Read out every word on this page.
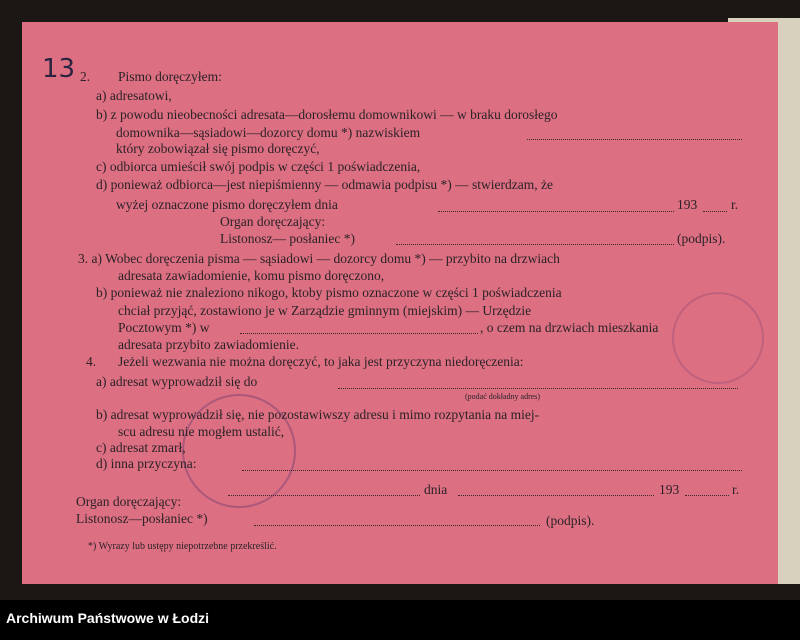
13 2. Pismo doręczyłem:
a) adresatowi,
b) z powodu nieobecności adresata—dorosłemu domownikowi — w braku dorosłego
domownika—sąsiadowi—dozorcy domu *) nazwiskiem
który zobowiązał się pismo doręczyć,
c) odbiorca umieścił swój podpis w części 1 poświadczenia,
d) ponieważ odbiorca—jest niepiśmienny — odmawia podpisu *) — stwierdzam, że
wyżej oznaczone pismo doręczyłem dnia	193	r.
Organ doręczający:
Listonosz— posłaniec *)	(podpis).
3. a) Wobec doręczenia pisma — sąsiadowi — dozorcy domu *) — przybito na drzwiach
adresata zawiadomienie, komu pismo doręczono,
b) ponieważ nie znaleziono nikogo, ktoby pismo oznaczone w części 1 poświadczenia
chciał przyjąć, zostawiono je w Zarządzie gminnym (miejskim) — Urzędzie
Pocztowym *) w	, o czem na drzwiach mieszkania
adresata przybito zawiadomienie.
4. Jeżeli wezwania nie można doręczyć, to jaka jest przyczyna niedoręczenia:
a) adresat wyprowadził się do
(podać dokładny adres)
b) adresat wyprowadził się, nie pozostawiwszy adresu i mimo rozpytania na miej-
scu adresu nie mogłem ustalić,
c) adresat zmarł,
d) inna przyczyna:
dnia	193	r.
Organ doręczający:
Listonosz—posłaniec *)	(podpis).
*) Wyrazy lub ustępy niepotrzebne przekreślić.
Archiwum Państwowe w Łodzi
